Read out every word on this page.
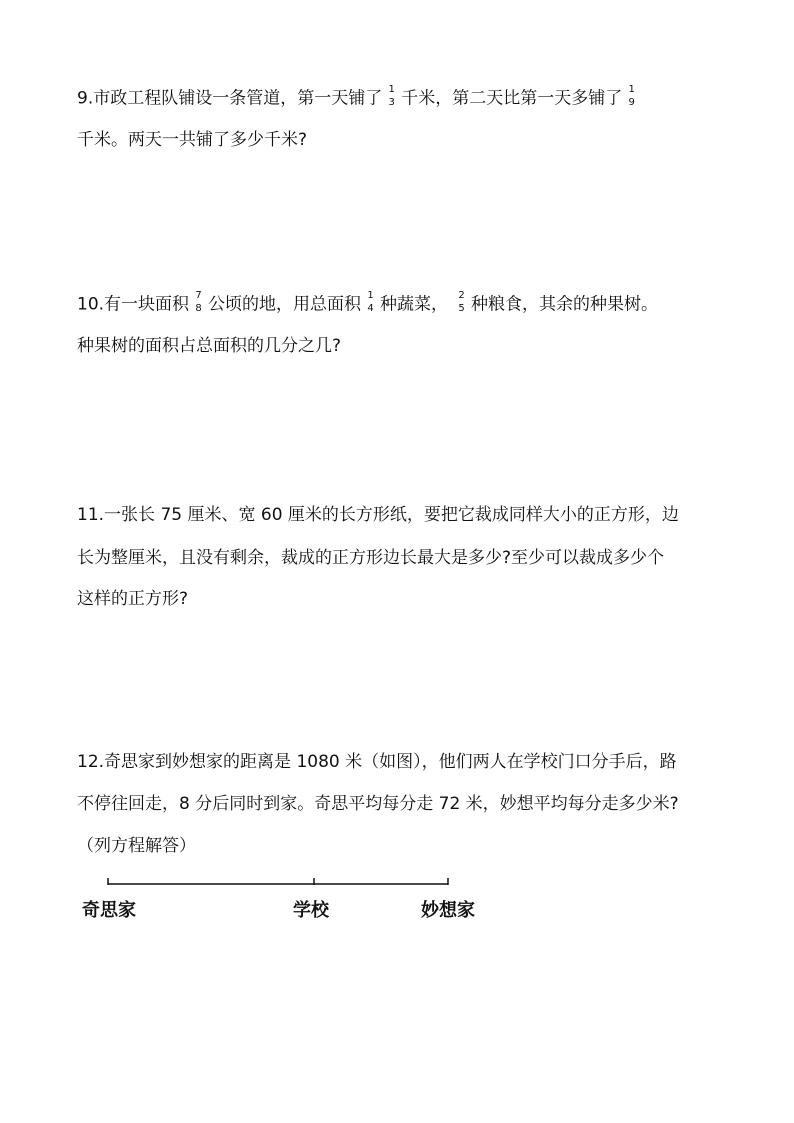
9.市政工程队铺设一条管道，第一天铺了 1
3 千米，第二天比第一天多铺了 1
9
千米。两天一共铺了多少千米?
10.有一块面积 7
8 公顷的地，用总面积 1
4 种蔬菜， 2
5 种粮食，其余的种果树。
种果树的面积占总面积的几分之几?
11.一张长 75 厘米、宽 60 厘米的长方形纸，要把它裁成同样大小的正方形，边
长为整厘米，且没有剩余，裁成的正方形边长最大是多少?至少可以裁成多少个
这样的正方形?
12.奇思家到妙想家的距离是 1080 米（如图），他们两人在学校门口分手后，路
不停往回走，8 分后同时到家。奇思平均每分走 72 米，妙想平均每分走多少米?
（列方程解答）
奇思家	学校	妙想家
